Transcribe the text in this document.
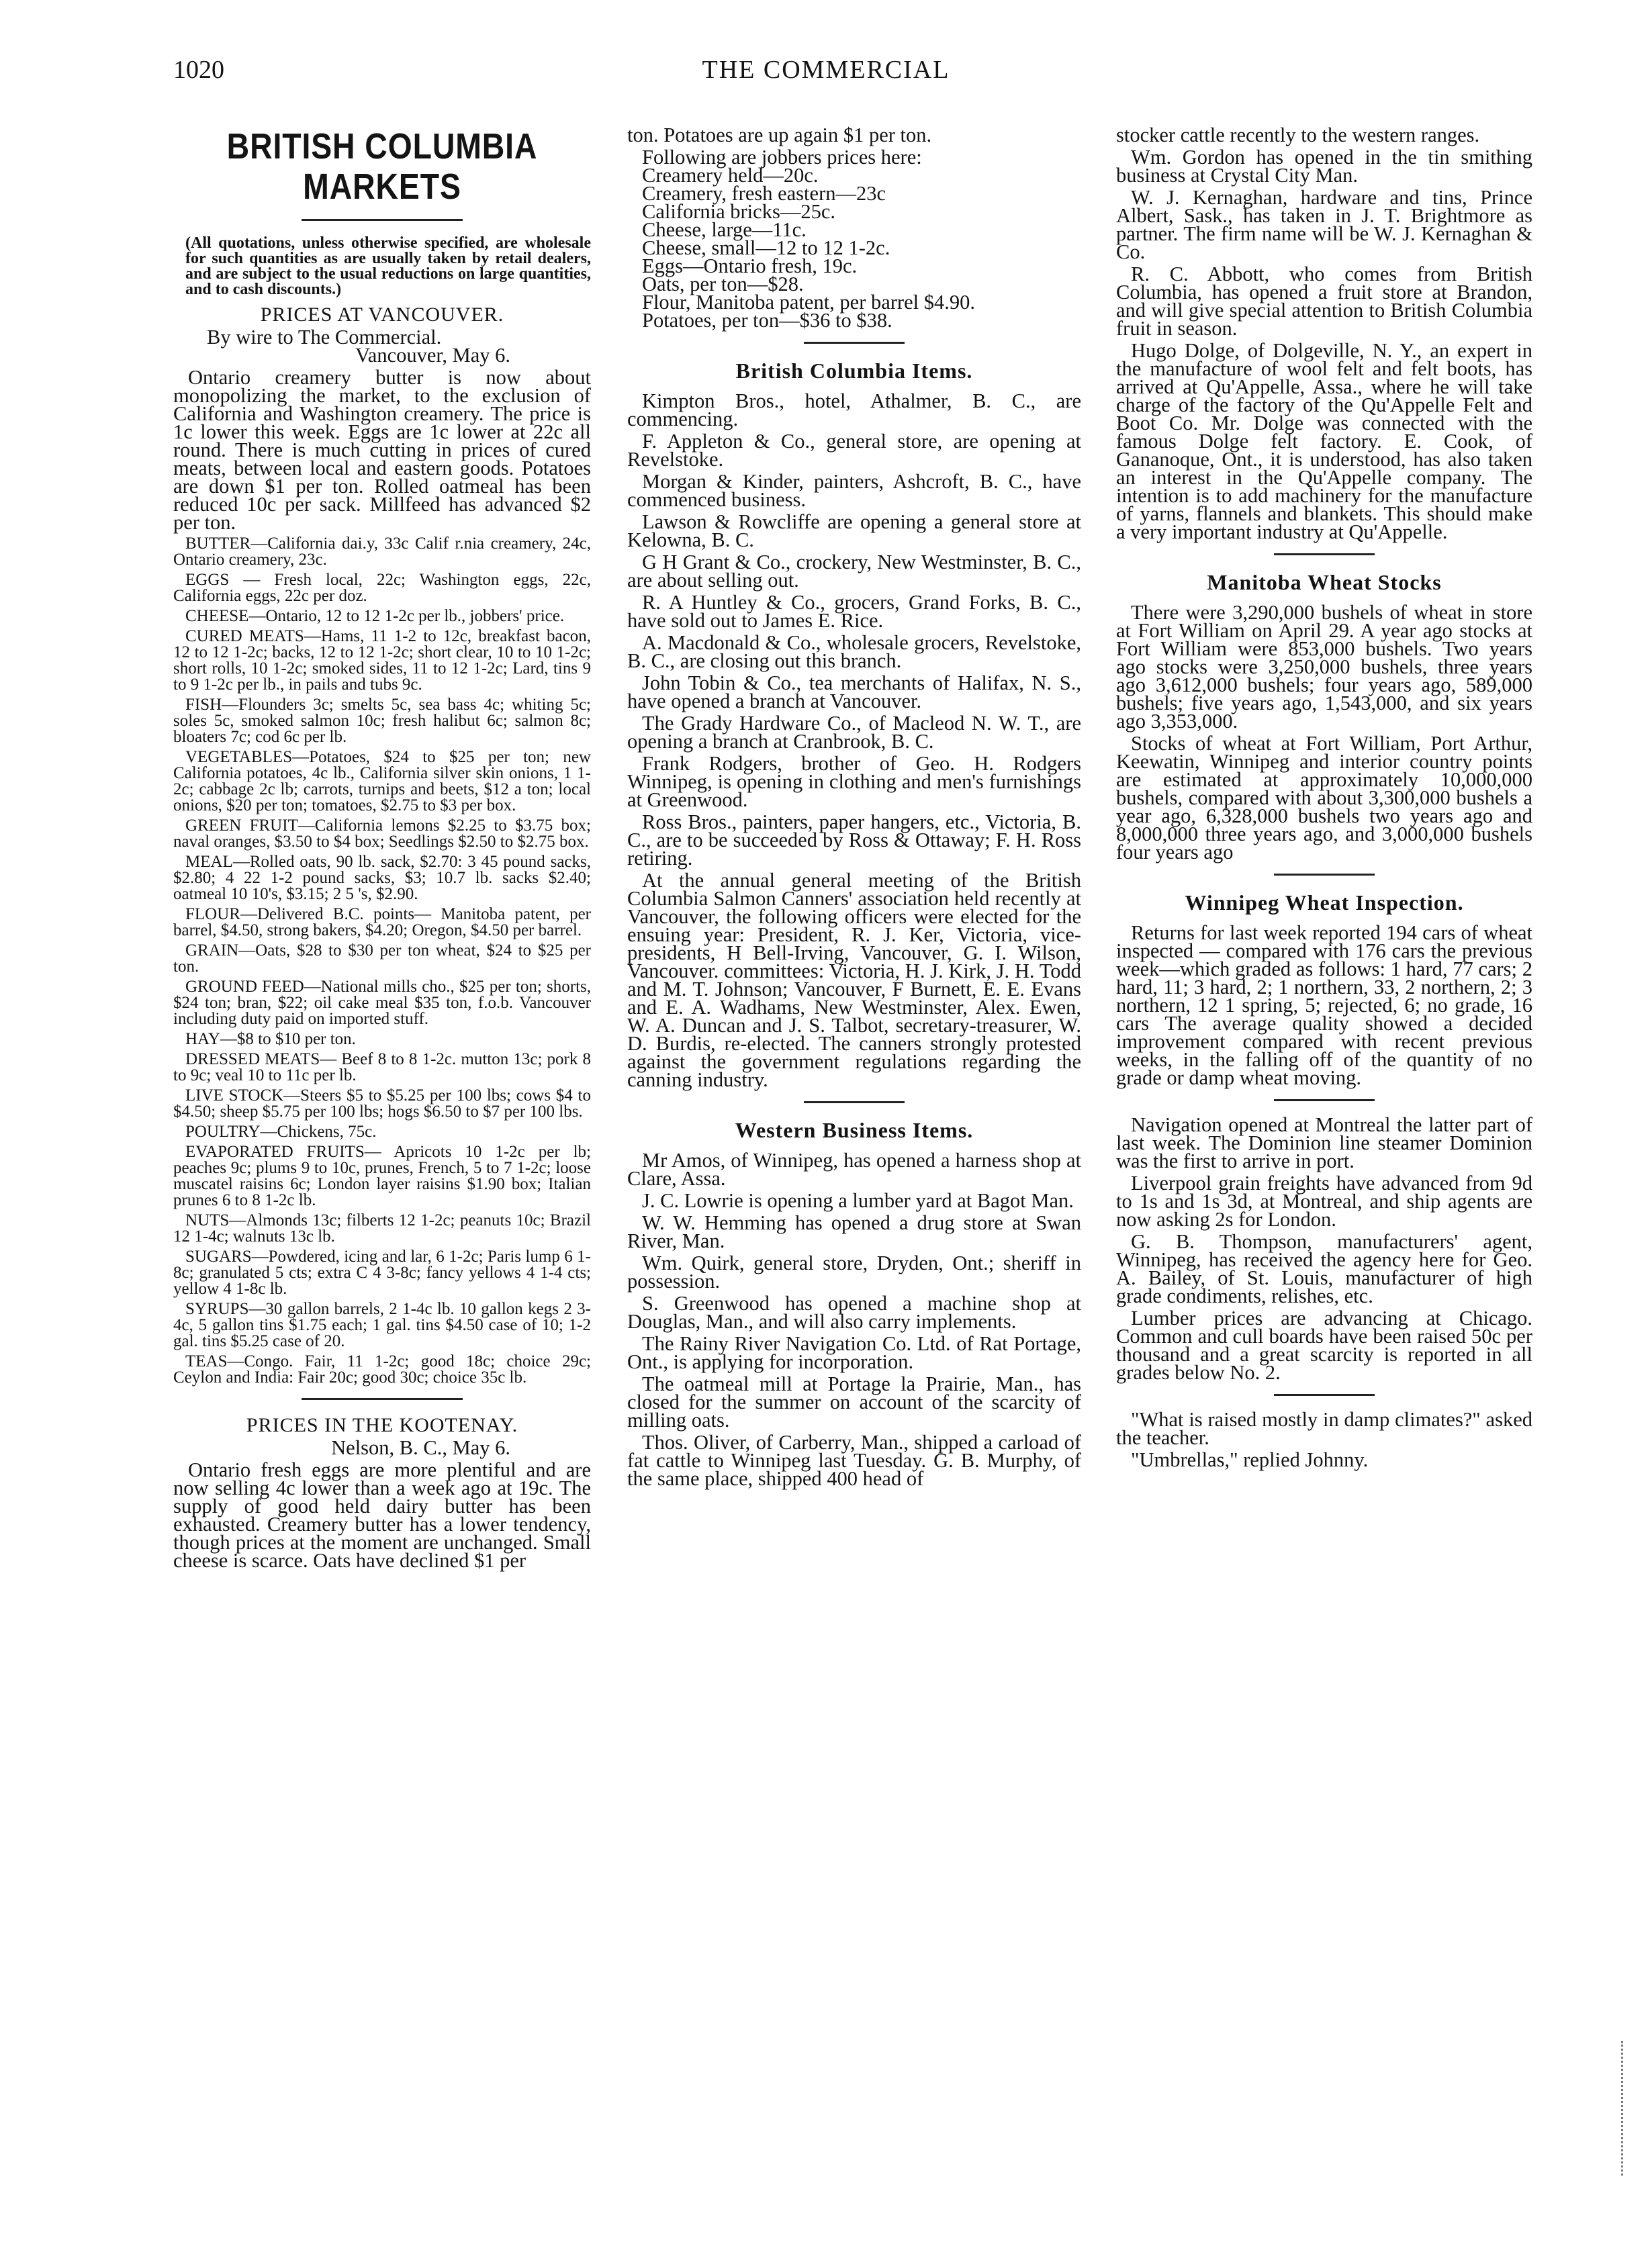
THE COMMERCIAL
1020
BRITISH COLUMBIA MARKETS

(All quotations, unless otherwise specified, are wholesale for such quantities as are usually taken by retail dealers, and are subject to the usual reductions on large quantities, and to cash discounts.)

PRICES AT VANCOUVER.
By wire to The Commercial.
Vancouver, May 6.

Ontario creamery butter is now about monopolizing the market, to the exclusion of California and Washington creamery. The price is 1c lower this week. Eggs are 1c lower at 22c all round. There is much cutting in prices of cured meats, between local and eastern goods. Potatoes are down $1 per ton. Rolled oatmeal has been reduced 10c per sack. Millfeed has advanced $2 per ton.

BUTTER—California dai.y, 33c Calif r.nia creamery, 24c, Ontario creamery, 23c.

EGGS — Fresh local, 22c; Washington eggs, 22c, California eggs, 22c per doz.

CHEESE—Ontario, 12 to 12 1-2c per lb., jobbers' price.

CURED MEATS—Hams, 11 1-2 to 12c, breakfast bacon, 12 to 12 1-2c; backs, 12 to 12 1-2c; short clear, 10 to 10 1-2c; short rolls, 10 1-2c; smoked sides, 11 to 12 1-2c; Lard, tins 9 to 9 1-2c per lb., in pails and tubs 9c.

FISH—Flounders 3c; smelts 5c, sea bass 4c; whiting 5c; soles 5c, smoked salmon 10c; fresh halibut 6c; salmon 8c; bloaters 7c; cod 6c per lb.

VEGETABLES—Potatoes, $24 to $25 per ton; new California potatoes, 4c lb., California silver skin onions, 1 1-2c; cabbage 2c lb; carrots, turnips and beets, $12 a ton; local onions, $20 per ton; tomatoes, $2.75 to $3 per box.

GREEN FRUIT—California lemons $2.25 to $3.75 box; naval oranges, $3.50 to $4 box; Seedlings $2.50 to $2.75 box.

MEAL—Rolled oats, 90 lb. sack, $2.70: 3 45 pound sacks, $2.80; 4 22 1-2 pound sacks, $3; 10.7 lb. sacks $2.40; oatmeal 10 10's, $3.15; 2 5 's, $2.90.

FLOUR—Delivered B.C. points— Manitoba patent, per barrel, $4.50, strong bakers, $4.20; Oregon, $4.50 per barrel.

GRAIN—Oats, $28 to $30 per ton wheat, $24 to $25 per ton.

GROUND FEED—National mills cho., $25 per ton; shorts, $24 ton; bran, $22; oil cake meal $35 ton, f.o.b. Vancouver including duty paid on imported stuff.

HAY—$8 to $10 per ton.

DRESSED MEATS— Beef 8 to 8 1-2c. mutton 13c; pork 8 to 9c; veal 10 to 11c per lb.

LIVE STOCK—Steers $5 to $5.25 per 100 lbs; cows $4 to $4.50; sheep $5.75 per 100 lbs; hogs $6.50 to $7 per 100 lbs.

POULTRY—Chickens, 75c.

EVAPORATED FRUITS— Apricots 10 1-2c per lb; peaches 9c; plums 9 to 10c, prunes, French, 5 to 7 1-2c; loose muscatel raisins 6c; London layer raisins $1.90 box; Italian prunes 6 to 8 1-2c lb.

NUTS—Almonds 13c; filberts 12 1-2c; peanuts 10c; Brazil 12 1-4c; walnuts 13c lb.

SUGARS—Powdered, icing and lar, 6 1-2c; Paris lump 6 1-8c; granulated 5 cts; extra C 4 3-8c; fancy yellows 4 1-4 cts; yellow 4 1-8c lb.

SYRUPS—30 gallon barrels, 2 1-4c lb. 10 gallon kegs 2 3-4c, 5 gallon tins $1.75 each; 1 gal. tins $4.50 case of 10; 1-2 gal. tins $5.25 case of 20.

TEAS—Congo. Fair, 11 1-2c; good 18c; choice 29c; Ceylon and India: Fair 20c; good 30c; choice 35c lb.

PRICES IN THE KOOTENAY.
Nelson, B. C., May 6.

Ontario fresh eggs are more plentiful and are now selling 4c lower than a week ago at 19c. The supply of good held dairy butter has been exhausted. Creamery butter has a lower tendency, though prices at the moment are unchanged. Small cheese is scarce. Oats have declined $1 per

ton. Potatoes are up again $1 per ton.

Following are jobbers prices here:

Creamery held—20c.

Creamery, fresh eastern—23c

California bricks—25c.

Cheese, large—11c.

Cheese, small—12 to 12 1-2c.

Eggs—Ontario fresh, 19c.

Oats, per ton—$28.

Flour, Manitoba patent, per barrel $4.90.

Potatoes, per ton—$36 to $38.

British Columbia Items.

Kimpton Bros., hotel, Athalmer, B. C., are commencing.

F. Appleton & Co., general store, are opening at Revelstoke.

Morgan & Kinder, painters, Ashcroft, B. C., have commenced business.

Lawson & Rowcliffe are opening a general store at Kelowna, B. C.

G H Grant & Co., crockery, New Westminster, B. C., are about selling out.

R. A Huntley & Co., grocers, Grand Forks, B. C., have sold out to James E. Rice.

A. Macdonald & Co., wholesale grocers, Revelstoke, B. C., are closing out this branch.

John Tobin & Co., tea merchants of Halifax, N. S., have opened a branch at Vancouver.

The Grady Hardware Co., of Macleod N. W. T., are opening a branch at Cranbrook, B. C.

Frank Rodgers, brother of Geo. H. Rodgers Winnipeg, is opening in clothing and men's furnishings at Greenwood.

Ross Bros., painters, paper hangers, etc., Victoria, B. C., are to be succeeded by Ross & Ottaway; F. H. Ross retiring.

At the annual general meeting of the British Columbia Salmon Canners' association held recently at Vancouver, the following officers were elected for the ensuing year: President, R. J. Ker, Victoria, vice-presidents, H Bell-Irving, Vancouver, G. I. Wilson, Vancouver. committees: Victoria, H. J. Kirk, J. H. Todd and M. T. Johnson; Vancouver, F Burnett, E. E. Evans and E. A. Wadhams, New Westminster, Alex. Ewen, W. A. Duncan and J. S. Talbot, secretary-treasurer, W. D. Burdis, re-elected. The canners strongly protested against the government regulations regarding the canning industry.

Western Business Items.

Mr Amos, of Winnipeg, has opened a harness shop at Clare, Assa.

J. C. Lowrie is opening a lumber yard at Bagot Man.

W. W. Hemming has opened a drug store at Swan River, Man.

Wm. Quirk, general store, Dryden, Ont.; sheriff in possession.

S. Greenwood has opened a machine shop at Douglas, Man., and will also carry implements.

The Rainy River Navigation Co. Ltd. of Rat Portage, Ont., is applying for incorporation.

The oatmeal mill at Portage la Prairie, Man., has closed for the summer on account of the scarcity of milling oats.

Thos. Oliver, of Carberry, Man., shipped a carload of fat cattle to Winnipeg last Tuesday. G. B. Murphy, of the same place, shipped 400 head of

stocker cattle recently to the western ranges.

Wm. Gordon has opened in the tin smithing business at Crystal City Man.

W. J. Kernaghan, hardware and tins, Prince Albert, Sask., has taken in J. T. Brightmore as partner. The firm name will be W. J. Kernaghan & Co.

R. C. Abbott, who comes from British Columbia, has opened a fruit store at Brandon, and will give special attention to British Columbia fruit in season.

Hugo Dolge, of Dolgeville, N. Y., an expert in the manufacture of wool felt and felt boots, has arrived at Qu'Appelle, Assa., where he will take charge of the factory of the Qu'Appelle Felt and Boot Co. Mr. Dolge was connected with the famous Dolge felt factory. E. Cook, of Gananoque, Ont., it is understood, has also taken an interest in the Qu'Appelle company. The intention is to add machinery for the manufacture of yarns, flannels and blankets. This should make a very important industry at Qu'Appelle.

Manitoba Wheat Stocks

There were 3,290,000 bushels of wheat in store at Fort William on April 29. A year ago stocks at Fort William were 853,000 bushels. Two years ago stocks were 3,250,000 bushels, three years ago 3,612,000 bushels; four years ago, 589,000 bushels; five years ago, 1,543,000, and six years ago 3,353,000.

Stocks of wheat at Fort William, Port Arthur, Keewatin, Winnipeg and interior country points are estimated at approximately 10,000,000 bushels, compared with about 3,300,000 bushels a year ago, 6,328,000 bushels two years ago and 8,000,000 three years ago, and 3,000,000 bushels four years ago

Winnipeg Wheat Inspection.

Returns for last week reported 194 cars of wheat inspected — compared with 176 cars the previous week—which graded as follows: 1 hard, 77 cars; 2 hard, 11; 3 hard, 2; 1 northern, 33, 2 northern, 2; 3 northern, 12 1 spring, 5; rejected, 6; no grade, 16 cars The average quality showed a decided improvement compared with recent previous weeks, in the falling off of the quantity of no grade or damp wheat moving.

Navigation opened at Montreal the latter part of last week. The Dominion line steamer Dominion was the first to arrive in port.

Liverpool grain freights have advanced from 9d to 1s and 1s 3d, at Montreal, and ship agents are now asking 2s for London.

G. B. Thompson, manufacturers' agent, Winnipeg, has received the agency here for Geo. A. Bailey, of St. Louis, manufacturer of high grade condiments, relishes, etc.

Lumber prices are advancing at Chicago. Common and cull boards have been raised 50c per thousand and a great scarcity is reported in all grades below No. 2.

"What is raised mostly in damp climates?" asked the teacher.

"Umbrellas," replied Johnny.
